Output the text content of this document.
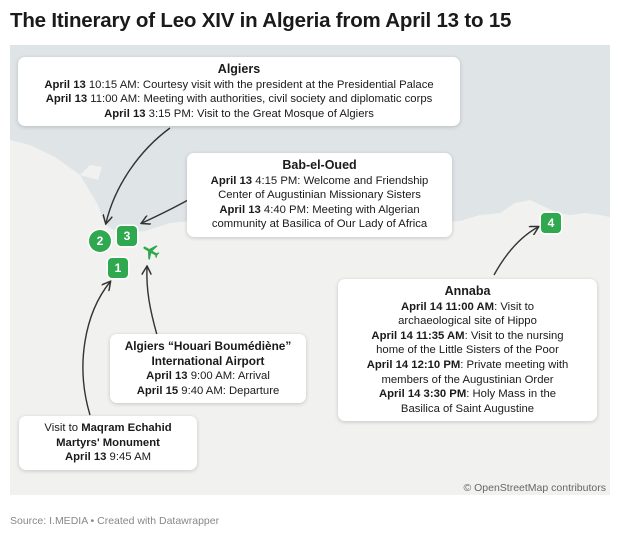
The Itinerary of Leo XIV in Algeria from April 13 to 15
2	3
1
4
Algiers
April 13 10:15 AM: Courtesy visit with the president at the Presidential Palace
April 13 11:00 AM: Meeting with authorities, civil society and diplomatic corps
April 13 3:15 PM: Visit to the Great Mosque of Algiers
Bab-el-Oued
April 13 4:15 PM: Welcome and Friendship
Center of Augustinian Missionary Sisters
April 13 4:40 PM: Meeting with Algerian
community at Basilica of Our Lady of Africa
Algiers “Houari Boumédiène”
International Airport
April 13 9:00 AM: Arrival
April 15 9:40 AM: Departure
Visit to Maqram Echahid
Martyrs' Monument
April 13 9:45 AM
Annaba
April 14 11:00 AM: Visit to
archaeological site of Hippo
April 14 11:35 AM: Visit to the nursing
home of the Little Sisters of the Poor
April 14 12:10 PM: Private meeting with
members of the Augustinian Order
April 14 3:30 PM: Holy Mass in the
Basilica of Saint Augustine
© OpenStreetMap contributors
Source: I.MEDIA • Created with Datawrapper
